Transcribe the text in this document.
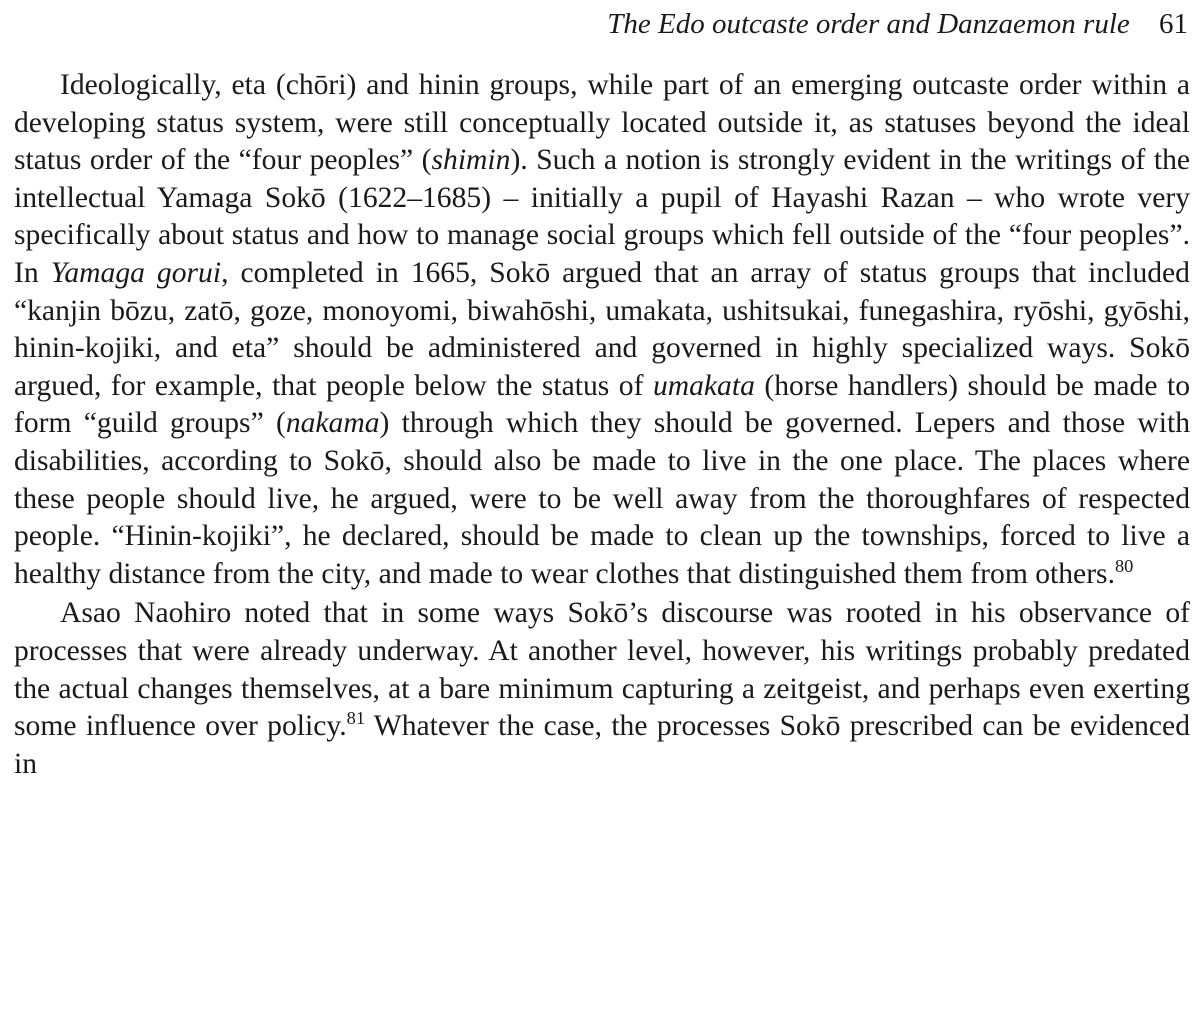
The Edo outcaste order and Danzaemon rule 61

Ideologically, eta (chōri) and hinin groups, while part of an emerging outcaste order within a developing status system, were still conceptually located outside it, as statuses beyond the ideal status order of the “four peoples” (shimin). Such a notion is strongly evident in the writings of the intellectual Yamaga Sokō (1622–1685) – initially a pupil of Hayashi Razan – who wrote very specifically about status and how to manage social groups which fell outside of the “four peoples”. In Yamaga gorui, completed in 1665, Sokō argued that an array of status groups that included “kanjin bōzu, zatō, goze, monoyomi, biwahōshi, umakata, ushitsukai, funegashira, ryōshi, gyōshi, hinin-kojiki, and eta” should be administered and governed in highly specialized ways. Sokō argued, for example, that people below the status of umakata (horse handlers) should be made to form “guild groups” (nakama) through which they should be governed. Lepers and those with disabilities, according to Sokō, should also be made to live in the one place. The places where these people should live, he argued, were to be well away from the thoroughfares of respected people. “Hinin-kojiki”, he declared, should be made to clean up the townships, forced to live a healthy distance from the city, and made to wear clothes that distinguished them from others.$^{80}$

Asao Naohiro noted that in some ways Sokō’s discourse was rooted in his observance of processes that were already underway. At another level, however, his writings probably predated the actual changes themselves, at a bare minimum capturing a zeitgeist, and perhaps even exerting some influence over policy.$^{81}$ Whatever the case, the processes Sokō prescribed can be evidenced in
